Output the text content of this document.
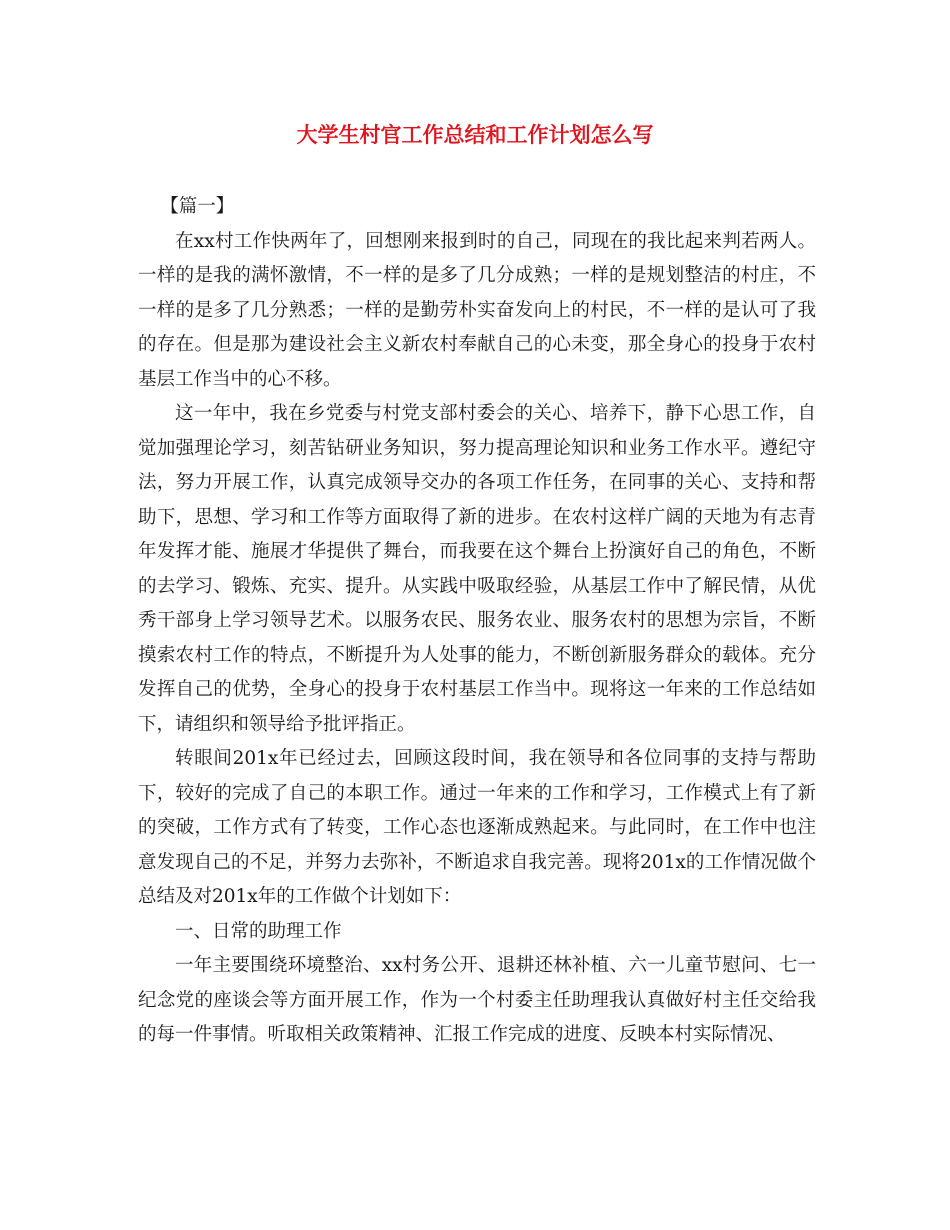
大学生村官工作总结和工作计划怎么写

【篇一】

在xx村工作快两年了，回想刚来报到时的自己，同现在的我比起来判若两人。一样的是我的满怀激情，不一样的是多了几分成熟；一样的是规划整洁的村庄，不一样的是多了几分熟悉；一样的是勤劳朴实奋发向上的村民，不一样的是认可了我的存在。但是那为建设社会主义新农村奉献自己的心未变，那全身心的投身于农村基层工作当中的心不移。

这一年中，我在乡党委与村党支部村委会的关心、培养下，静下心思工作，自觉加强理论学习，刻苦钻研业务知识，努力提高理论知识和业务工作水平。遵纪守法，努力开展工作，认真完成领导交办的各项工作任务，在同事的关心、支持和帮助下，思想、学习和工作等方面取得了新的进步。在农村这样广阔的天地为有志青年发挥才能、施展才华提供了舞台，而我要在这个舞台上扮演好自己的角色，不断的去学习、锻炼、充实、提升。从实践中吸取经验，从基层工作中了解民情，从优秀干部身上学习领导艺术。以服务农民、服务农业、服务农村的思想为宗旨，不断摸索农村工作的特点，不断提升为人处事的能力，不断创新服务群众的载体。充分发挥自己的优势，全身心的投身于农村基层工作当中。现将这一年来的工作总结如下，请组织和领导给予批评指正。

转眼间201x年已经过去，回顾这段时间，我在领导和各位同事的支持与帮助下，较好的完成了自己的本职工作。通过一年来的工作和学习，工作模式上有了新的突破，工作方式有了转变，工作心态也逐渐成熟起来。与此同时，在工作中也注意发现自己的不足，并努力去弥补，不断追求自我完善。现将201x的工作情况做个总结及对201x年的工作做个计划如下：

一、日常的助理工作

一年主要围绕环境整治、xx村务公开、退耕还林补植、六一儿童节慰问、七一纪念党的座谈会等方面开展工作，作为一个村委主任助理我认真做好村主任交给我的每一件事情。听取相关政策精神、汇报工作完成的进度、反映本村实际情况、
